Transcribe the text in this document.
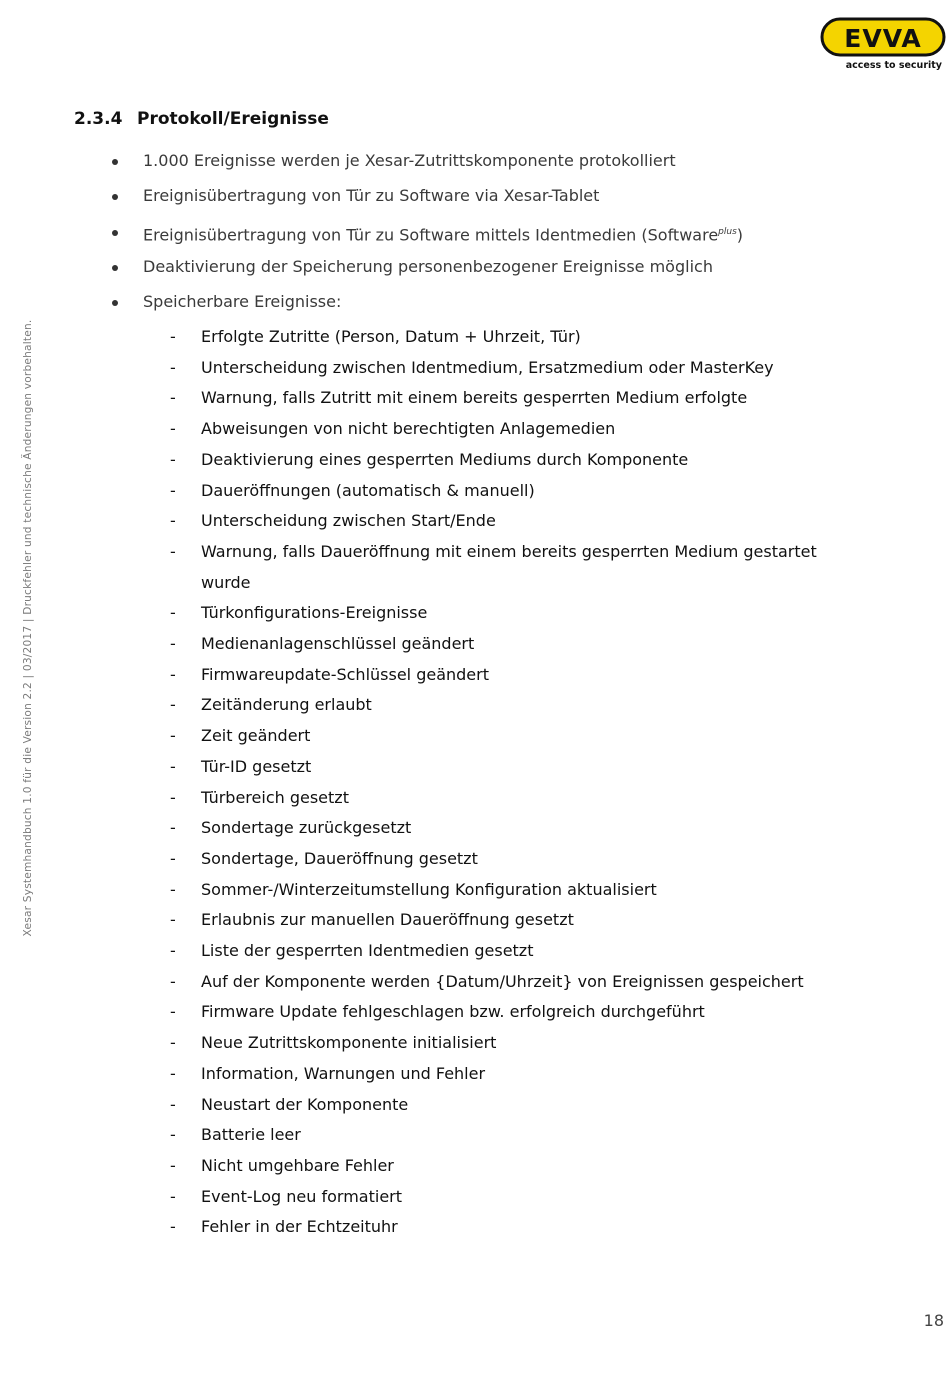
EVVA
access to security
Xesar Systemhandbuch 1.0 für die Version 2.2 | 03/2017 | Druckfehler und technische Änderungen vorbehalten.
2.3.4 Protokoll/Ereignisse
1.000 Ereignisse werden je Xesar-Zutrittskomponente protokolliert
Ereignisübertragung von Tür zu Software via Xesar-Tablet
Ereignisübertragung von Tür zu Software mittels Identmedien (Software$^{plus}$)
Deaktivierung der Speicherung personenbezogener Ereignisse möglich
Speicherbare Ereignisse:
- Erfolgte Zutritte (Person, Datum + Uhrzeit, Tür)
- Unterscheidung zwischen Identmedium, Ersatzmedium oder MasterKey
- Warnung, falls Zutritt mit einem bereits gesperrten Medium erfolgte
- Abweisungen von nicht berechtigten Anlagemedien
- Deaktivierung eines gesperrten Mediums durch Komponente
- Daueröffnungen (automatisch & manuell)
- Unterscheidung zwischen Start/Ende
- Warnung, falls Daueröffnung mit einem bereits gesperrten Medium gestartet wurde
- Türkonfigurations-Ereignisse
- Medienanlagenschlüssel geändert
- Firmwareupdate-Schlüssel geändert
- Zeitänderung erlaubt
- Zeit geändert
- Tür-ID gesetzt
- Türbereich gesetzt
- Sondertage zurückgesetzt
- Sondertage, Daueröffnung gesetzt
- Sommer-/Winterzeitumstellung Konfiguration aktualisiert
- Erlaubnis zur manuellen Daueröffnung gesetzt
- Liste der gesperrten Identmedien gesetzt
- Auf der Komponente werden {Datum/Uhrzeit} von Ereignissen gespeichert
- Firmware Update fehlgeschlagen bzw. erfolgreich durchgeführt
- Neue Zutrittskomponente initialisiert
- Information, Warnungen und Fehler
- Neustart der Komponente
- Batterie leer
- Nicht umgehbare Fehler
- Event-Log neu formatiert
- Fehler in der Echtzeituhr
18
